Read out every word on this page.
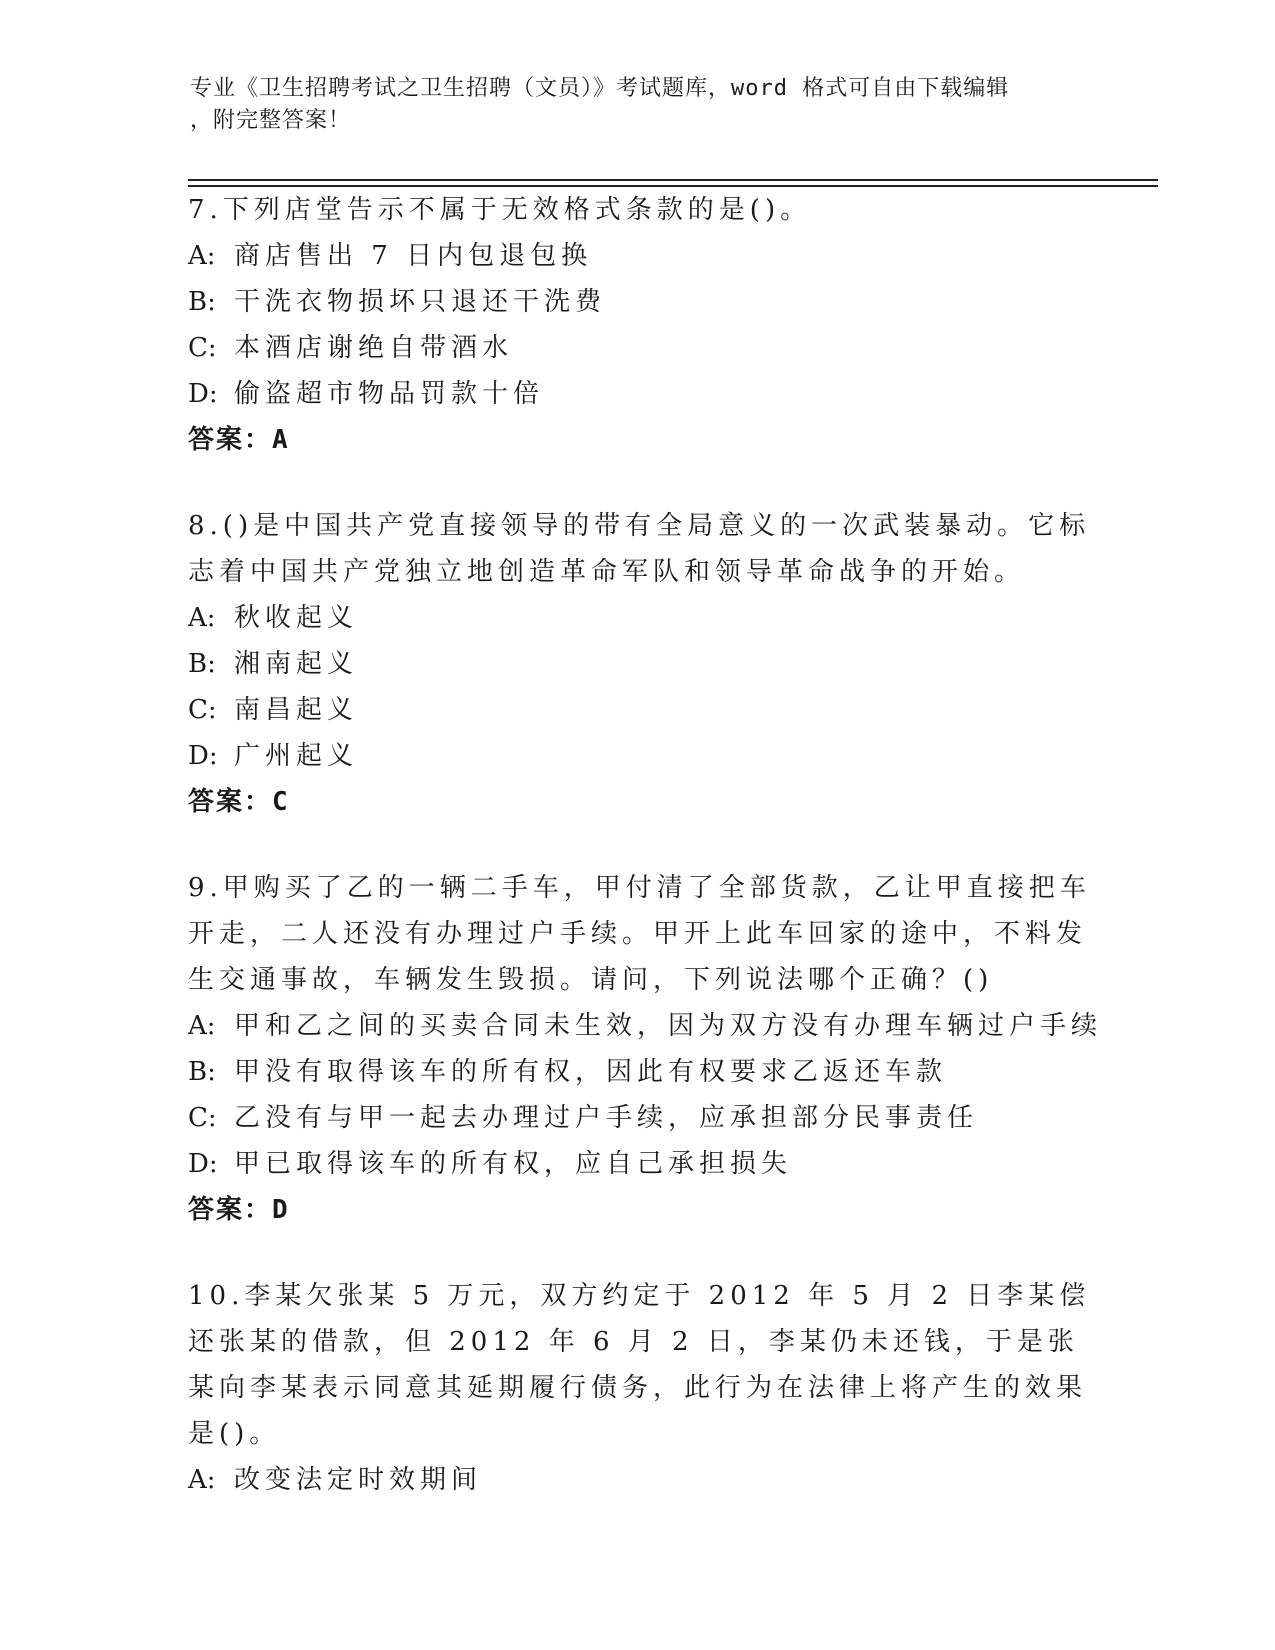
专业《卫生招聘考试之卫生招聘（文员）》考试题库，word 格式可自由下载编辑
，附完整答案！
7.下列店堂告示不属于无效格式条款的是()。
A: 商店售出 7 日内包退包换
B: 干洗衣物损坏只退还干洗费
C: 本酒店谢绝自带酒水
D: 偷盗超市物品罚款十倍
答案：A
8.()是中国共产党直接领导的带有全局意义的一次武装暴动。它标志着中国共产党独立地创造革命军队和领导革命战争的开始。
A: 秋收起义
B: 湘南起义
C: 南昌起义
D: 广州起义
答案：C
9.甲购买了乙的一辆二手车，甲付清了全部货款，乙让甲直接把车开走，二人还没有办理过户手续。甲开上此车回家的途中，不料发生交通事故，车辆发生毁损。请问，下列说法哪个正确？()
A: 甲和乙之间的买卖合同未生效，因为双方没有办理车辆过户手续
B: 甲没有取得该车的所有权，因此有权要求乙返还车款
C: 乙没有与甲一起去办理过户手续，应承担部分民事责任
D: 甲已取得该车的所有权，应自己承担损失
答案：D
10.李某欠张某 5 万元，双方约定于 2012 年 5 月 2 日李某偿还张某的借款，但 2012 年 6 月 2 日，李某仍未还钱，于是张某向李某表示同意其延期履行债务，此行为在法律上将产生的效果是()。
A: 改变法定时效期间
